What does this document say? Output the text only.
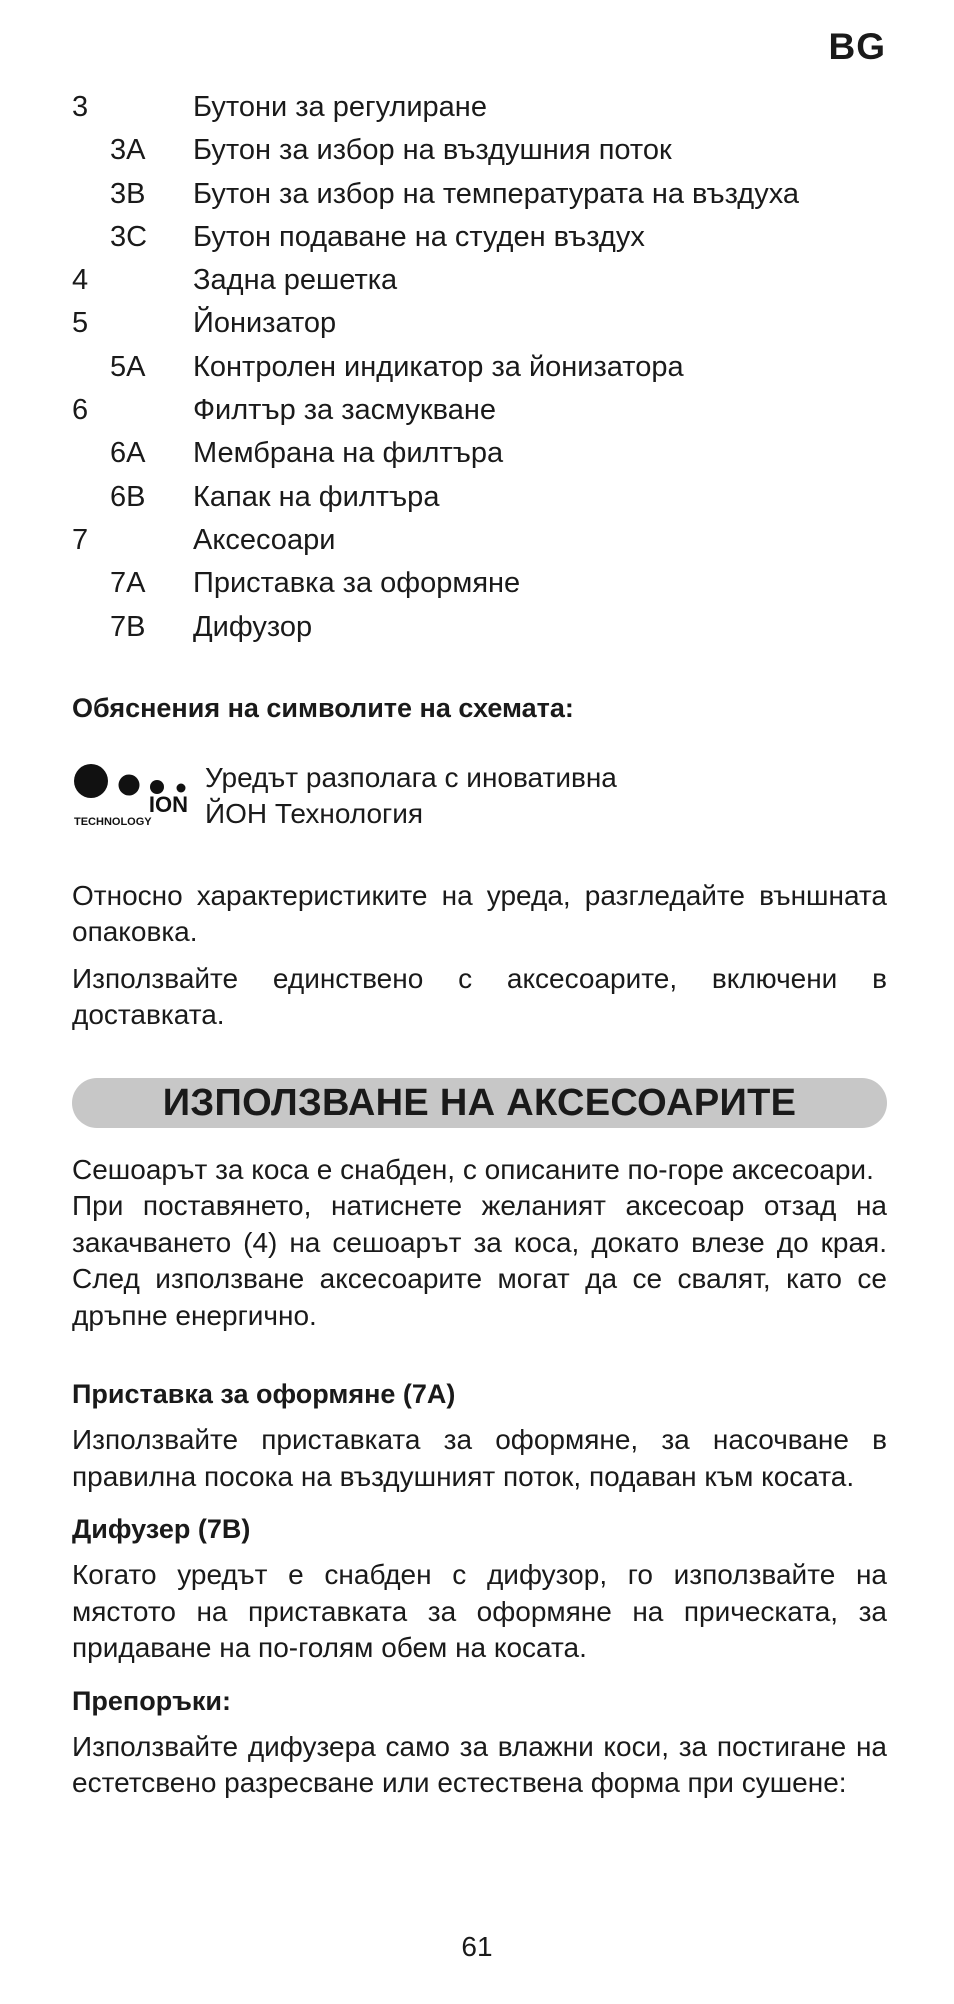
BG
3	Бутони за регулиране
3A Бутон за избор на въздушния поток
3B Бутон за избор на температурата на въздуха
3C Бутон подаване на студен въздух
4	Задна решетка
5	Йонизатор
5A Контролен индикатор за йонизатора
6	Филтър за засмукване
6A Мембрана на филтъра
6B Капак на филтъра
7	Аксесоари
7A Приставка за оформяне
7B Дифузор
Обяснения на символите на схемата:
ION
TECHNOLOGY
Уредът разполага с иновативна
ЙОН Технология
Относно характеристиките на уреда, разгледайте външната опаковка.
Използвайте единствено с аксесоарите, включени в доставката.
ИЗПОЛЗВАНЕ НА АКСЕСОАРИТЕ
Сешоарът за коса е снабден, с описаните по-горе аксесоари.
При поставянето, натиснете желаният аксесоар отзад на закачването (4) на сешоарът за коса, докато влезе до края. След използване аксесоарите могат да се свалят, като се дръпне енергично.
Приставка за оформяне (7A)
Използвайте приставката за оформяне, за насочване в правилна посока на въздушният поток, подаван към косата.
Дифузер (7B)
Когато уредът е снабден с дифузор, го използвайте на мястото на приставката за оформяне на прическата, за придаване на по-голям обем на косата.
Препоръки:
Използвайте дифузера само за влажни коси, за постигане на естетсвено разресване или естествена форма при сушене:
61
